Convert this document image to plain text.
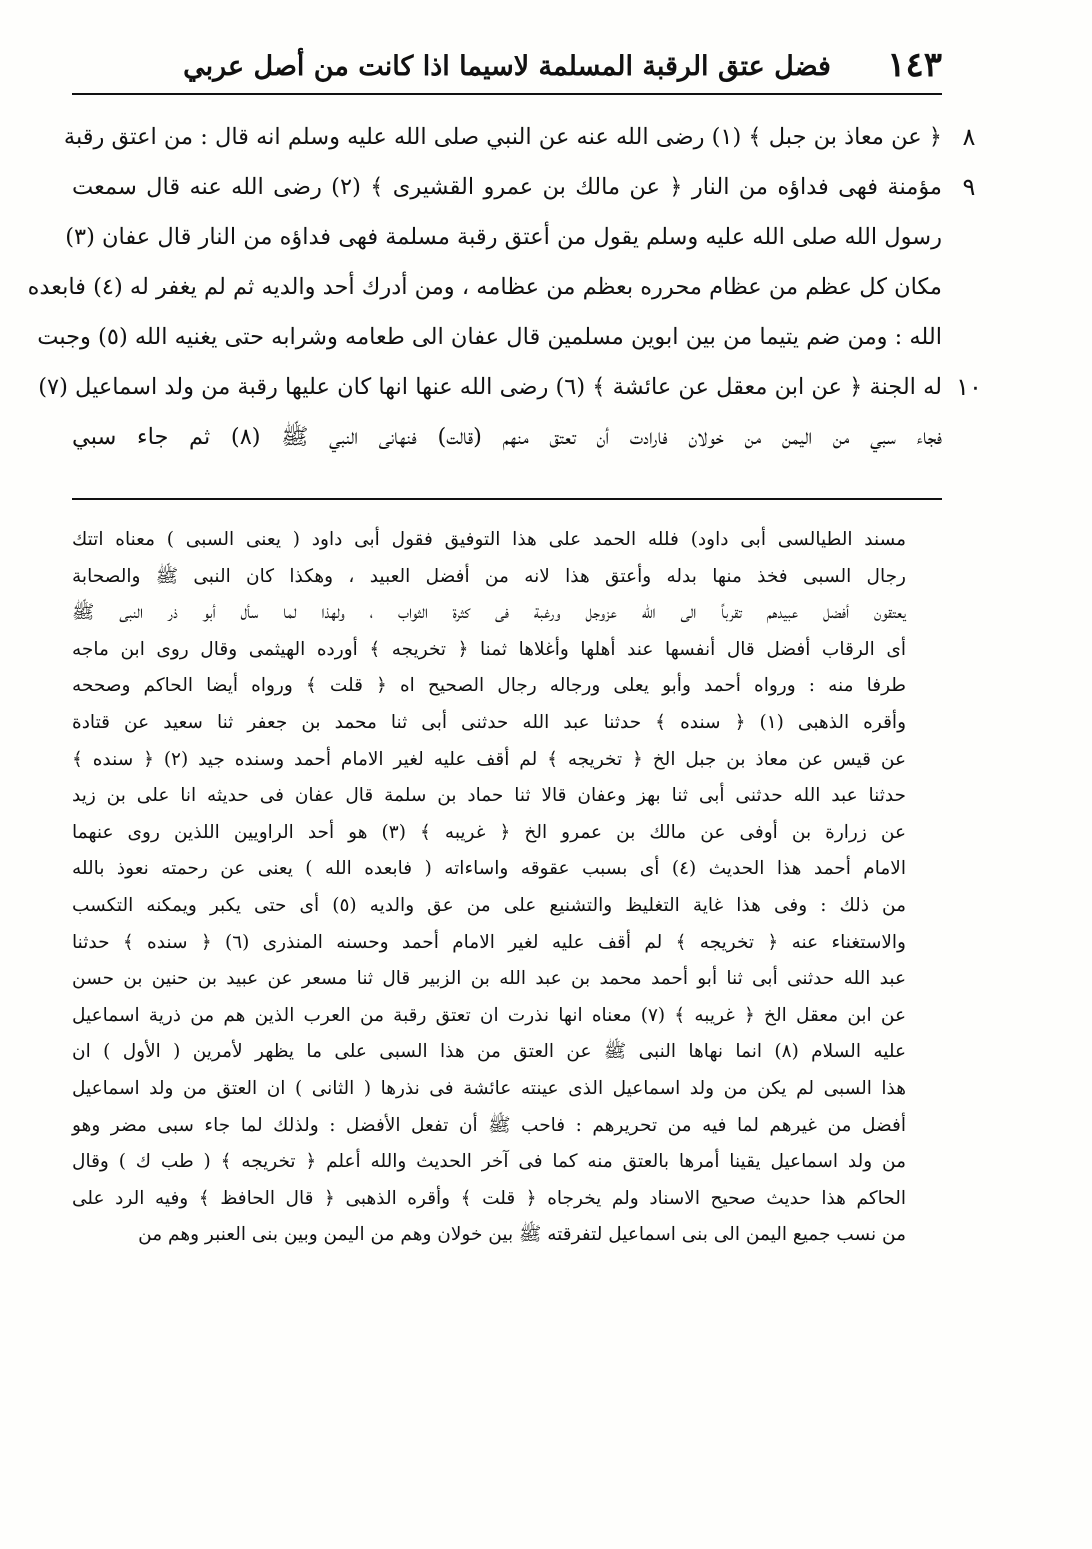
١٤٣
فضل عتق الرقبة المسلمة لاسيما اذا كانت من أصل عربي
٨
٩
١٠
﴿ عن معاذ بن جبل ﴾ (١) رضى الله عنه عن النبي صلى الله عليه وسلم انه قال : من اعتق رقبة
مؤمنة فهى فداؤه من النار ﴿ عن مالك بن عمرو القشيرى ﴾ (٢) رضى الله عنه قال سمعت
رسول الله صلى الله عليه وسلم يقول من أعتق رقبة مسلمة فهى فداؤه من النار قال عفان (٣)
مكان كل عظم من عظام محرره بعظم من عظامه ، ومن أدرك أحد والديه ثم لم يغفر له (٤) فابعده
الله : ومن ضم يتيما من بين ابوين مسلمين قال عفان الى طعامه وشرابه حتى يغنيه الله (٥) وجبت
له الجنة ﴿ عن ابن معقل عن عائشة ﴾ (٦) رضى الله عنها انها كان عليها رقبة من ولد اسماعيل (٧)
فجاء سبي من اليمن من خولان فارادت أن تعتق منهم (قالت) فنهانى النبي ﷺ (٨) ثم جاء سبي
مسند الطيالسى أبى داود) فلله الحمد على هذا التوفيق فقول أبى داود ( يعنى السبى ) معناه اتتك
رجال السبى فخذ منها بدله وأعتق هذا لانه من أفضل العبيد ، وهكذا كان النبى ﷺ والصحابة
يعتقون أفضل عبيدهم تقرباً الى الله عزوجل ورغبة فى كثرة الثواب ، ولهذا لما سأل أبو ذر النبى ﷺ
أى الرقاب أفضل قال أنفسها عند أهلها وأغلاها ثمنا ﴿ تخريجه ﴾ أورده الهيثمى وقال روى ابن ماجه
طرفا منه : ورواه أحمد وأبو يعلى ورجاله رجال الصحيح اه ﴿ قلت ﴾ ورواه أيضا الحاكم وصححه
وأقره الذهبى (١) ﴿ سنده ﴾ حدثنا عبد الله حدثنى أبى ثنا محمد بن جعفر ثنا سعيد عن قتادة
عن قيس عن معاذ بن جبل الخ ﴿ تخريجه ﴾ لم أقف عليه لغير الامام أحمد وسنده جيد (٢) ﴿ سنده ﴾
حدثنا عبد الله حدثنى أبى ثنا بهز وعفان قالا ثنا حماد بن سلمة قال عفان فى حديثه انا على بن زيد
عن زرارة بن أوفى عن مالك بن عمرو الخ ﴿ غريبه ﴾ (٣) هو أحد الراويين اللذين روى عنهما
الامام أحمد هذا الحديث (٤) أى بسبب عقوقه واساءاته ( فابعده الله ) يعنى عن رحمته نعوذ بالله
من ذلك : وفى هذا غاية التغليظ والتشنيع على من عق والديه (٥) أى حتى يكبر ويمكنه التكسب
والاستغناء عنه ﴿ تخريجه ﴾ لم أقف عليه لغير الامام أحمد وحسنه المنذرى (٦) ﴿ سنده ﴾ حدثنا
عبد الله حدثنى أبى ثنا أبو أحمد محمد بن عبد الله بن الزبير قال ثنا مسعر عن عبيد بن حنين بن حسن
عن ابن معقل الخ ﴿ غريبه ﴾ (٧) معناه انها نذرت ان تعتق رقبة من العرب الذين هم من ذرية اسماعيل
عليه السلام (٨) انما نهاها النبى ﷺ عن العتق من هذا السبى على ما يظهر لأمرين ( الأول ) ان
هذا السبى لم يكن من ولد اسماعيل الذى عينته عائشة فى نذرها ( الثانى ) ان العتق من ولد اسماعيل
أفضل من غيرهم لما فيه من تحريرهم : فاحب ﷺ أن تفعل الأفضل : ولذلك لما جاء سبى مضر وهو
من ولد اسماعيل يقينا أمرها بالعتق منه كما فى آخر الحديث والله أعلم ﴿ تخريجه ﴾ ( طب ك ) وقال
الحاكم هذا حديث صحيح الاسناد ولم يخرجاه ﴿ قلت ﴾ وأقره الذهبى ﴿ قال الحافظ ﴾ وفيه الرد على
من نسب جميع اليمن الى بنى اسماعيل لتفرقته ﷺ بين خولان وهم من اليمن وبين بنى العنبر وهم من
